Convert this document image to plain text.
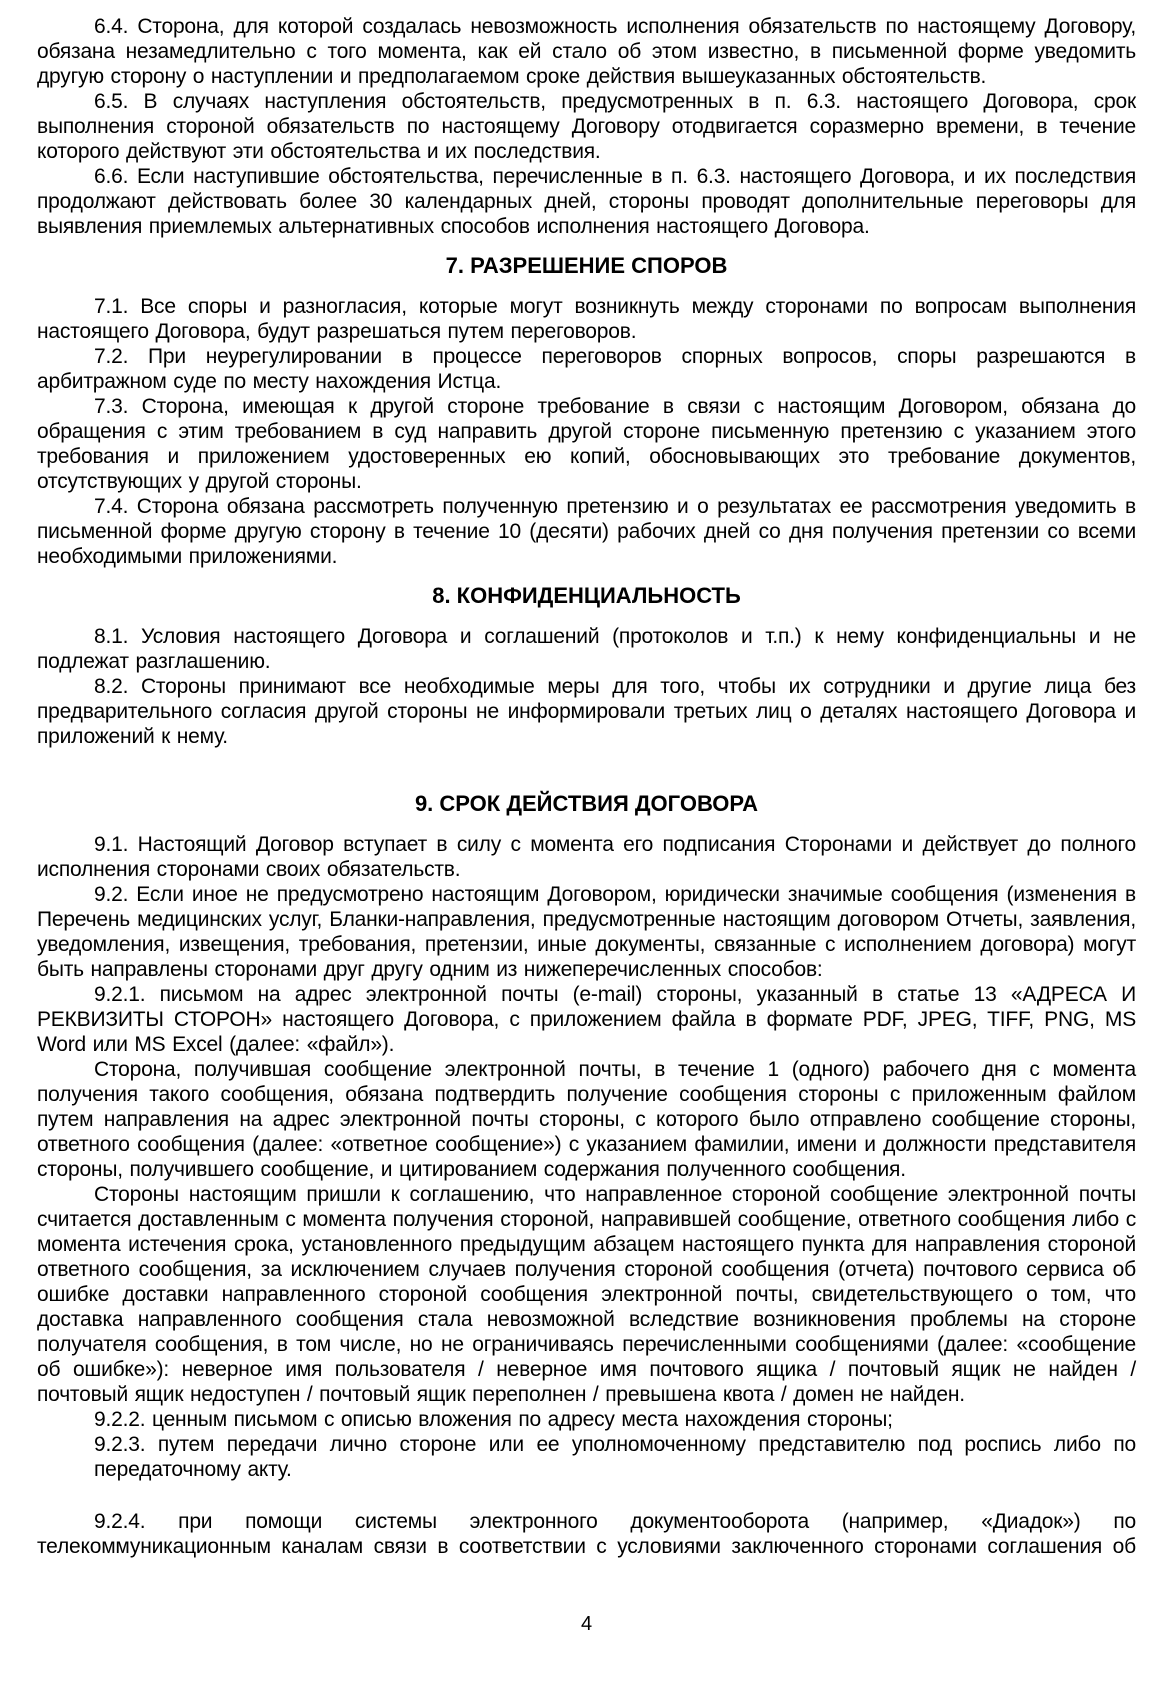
6.4. Сторона, для которой создалась невозможность исполнения обязательств по настоящему Договору, обязана незамедлительно с того момента, как ей стало об этом известно, в письменной форме уведомить другую сторону о наступлении и предполагаемом сроке действия вышеуказанных обстоятельств.

6.5. В случаях наступления обстоятельств, предусмотренных в п. 6.3. настоящего Договора, срок выполнения стороной обязательств по настоящему Договору отодвигается соразмерно времени, в течение которого действуют эти обстоятельства и их последствия.

6.6. Если наступившие обстоятельства, перечисленные в п. 6.3. настоящего Договора, и их последствия продолжают действовать более 30 календарных дней, стороны проводят дополнительные переговоры для выявления приемлемых альтернативных способов исполнения настоящего Договора.

7. РАЗРЕШЕНИЕ СПОРОВ

7.1. Все споры и разногласия, которые могут возникнуть между сторонами по вопросам выполнения настоящего Договора, будут разрешаться путем переговоров.

7.2. При неурегулировании в процессе переговоров спорных вопросов, споры разрешаются в арбитражном суде по месту нахождения Истца.

7.3. Сторона, имеющая к другой стороне требование в связи с настоящим Договором, обязана до обращения с этим требованием в суд направить другой стороне письменную претензию с указанием этого требования и приложением удостоверенных ею копий, обосновывающих это требование документов, отсутствующих у другой стороны.

7.4. Сторона обязана рассмотреть полученную претензию и о результатах ее рассмотрения уведомить в письменной форме другую сторону в течение 10 (десяти) рабочих дней со дня получения претензии со всеми необходимыми приложениями.

8. КОНФИДЕНЦИАЛЬНОСТЬ

8.1. Условия настоящего Договора и соглашений (протоколов и т.п.) к нему конфиденциальны и не подлежат разглашению.

8.2. Стороны принимают все необходимые меры для того, чтобы их сотрудники и другие лица без предварительного согласия другой стороны не информировали третьих лиц о деталях настоящего Договора и приложений к нему.

9. СРОК ДЕЙСТВИЯ ДОГОВОРА

9.1. Настоящий Договор вступает в силу с момента его подписания Сторонами и действует до полного исполнения сторонами своих обязательств.

9.2. Если иное не предусмотрено настоящим Договором, юридически значимые сообщения (изменения в Перечень медицинских услуг, Бланки-направления, предусмотренные настоящим договором Отчеты, заявления, уведомления, извещения, требования, претензии, иные документы, связанные с исполнением договора) могут быть направлены сторонами друг другу одним из нижеперечисленных способов:

9.2.1. письмом на адрес электронной почты (e-mail) стороны, указанный в статье 13 «АДРЕСА И РЕКВИЗИТЫ СТОРОН» настоящего Договора, с приложением файла в формате PDF, JPEG, TIFF, PNG, MS Word или MS Excel (далее: «файл»).

Сторона, получившая сообщение электронной почты, в течение 1 (одного) рабочего дня с момента получения такого сообщения, обязана подтвердить получение сообщения стороны с приложенным файлом путем направления на адрес электронной почты стороны, с которого было отправлено сообщение стороны, ответного сообщения (далее: «ответное сообщение») с указанием фамилии, имени и должности представителя стороны, получившего сообщение, и цитированием содержания полученного сообщения.

Стороны настоящим пришли к соглашению, что направленное стороной сообщение электронной почты считается доставленным с момента получения стороной, направившей сообщение, ответного сообщения либо с момента истечения срока, установленного предыдущим абзацем настоящего пункта для направления стороной ответного сообщения, за исключением случаев получения стороной сообщения (отчета) почтового сервиса об ошибке доставки направленного стороной сообщения электронной почты, свидетельствующего о том, что доставка направленного сообщения стала невозможной вследствие возникновения проблемы на стороне получателя сообщения, в том числе, но не ограничиваясь перечисленными сообщениями (далее: «сообщение об ошибке»): неверное имя пользователя / неверное имя почтового ящика / почтовый ящик не найден / почтовый ящик недоступен / почтовый ящик переполнен / превышена квота / домен не найден.

9.2.2. ценным письмом с описью вложения по адресу места нахождения стороны;

9.2.3. путем передачи лично стороне или ее уполномоченному представителю под роспись либо по передаточному акту.

9.2.4. при помощи системы электронного документооборота (например, «Диадок») по телекоммуникационным каналам связи в соответствии с условиями заключенного сторонами соглашения об

4
